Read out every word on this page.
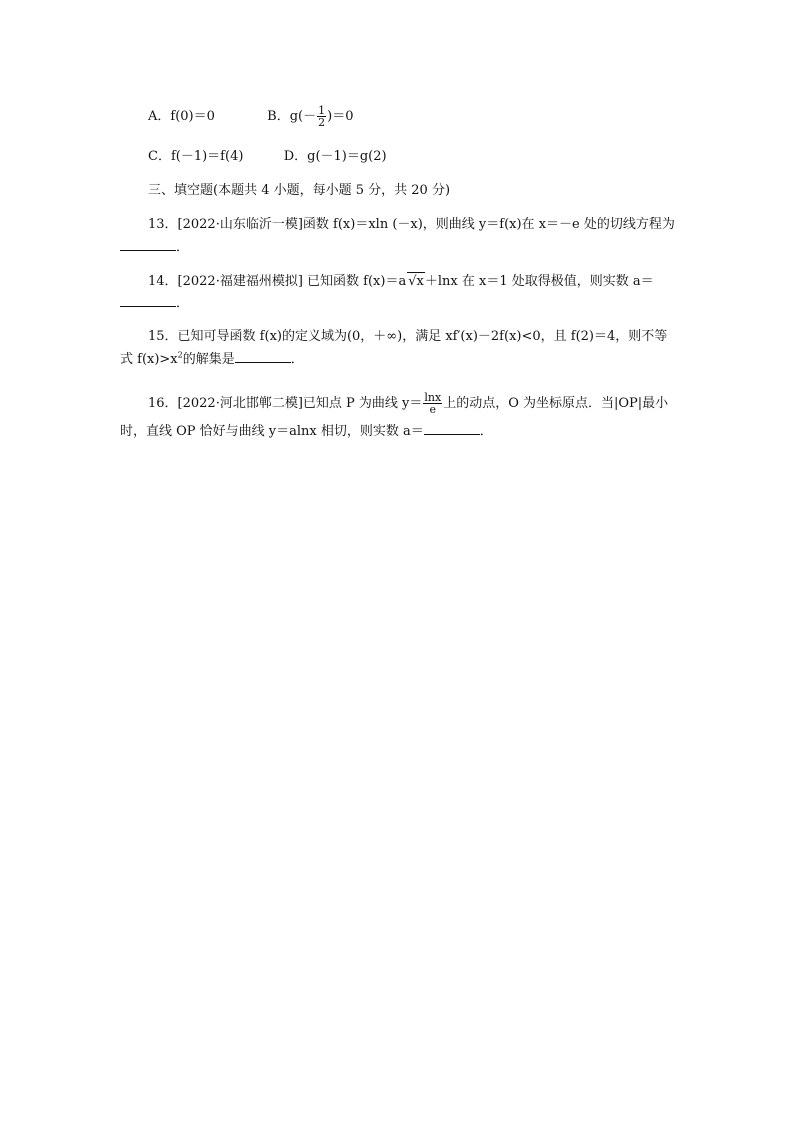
A．f(0)＝0	B．$g(- \frac{1}{2} )=0$
C．f(－1)＝f(4)	D．g(－1)＝g(2)
三、填空题(本题共 4 小题，每小题 5 分，共 20 分)
13．[2022·山东临沂一模]函数 f(x)＝xln (－x)，则曲线 y＝f(x)在 x＝－e 处的切线方程为
．
14．[2022·福建福州模拟] 已知函数 f(x)＝a √x＋lnx 在 x＝1 处取得极值，则实数 a＝
．
15．已知可导函数 f(x)的定义域为(0，＋∞)，满足 xf′(x)－2f(x)<0，且 f(2)＝4，则不等
式 $f(x)>x^2$的解集是	．
16．[2022·河北邯郸二模]已知点 P 为曲线 $y= \frac{\ln x}{e}$ 上的动点，O 为坐标原点．当|OP|最小
时，直线 OP 恰好与曲线 y＝alnx 相切，则实数 a＝	．
